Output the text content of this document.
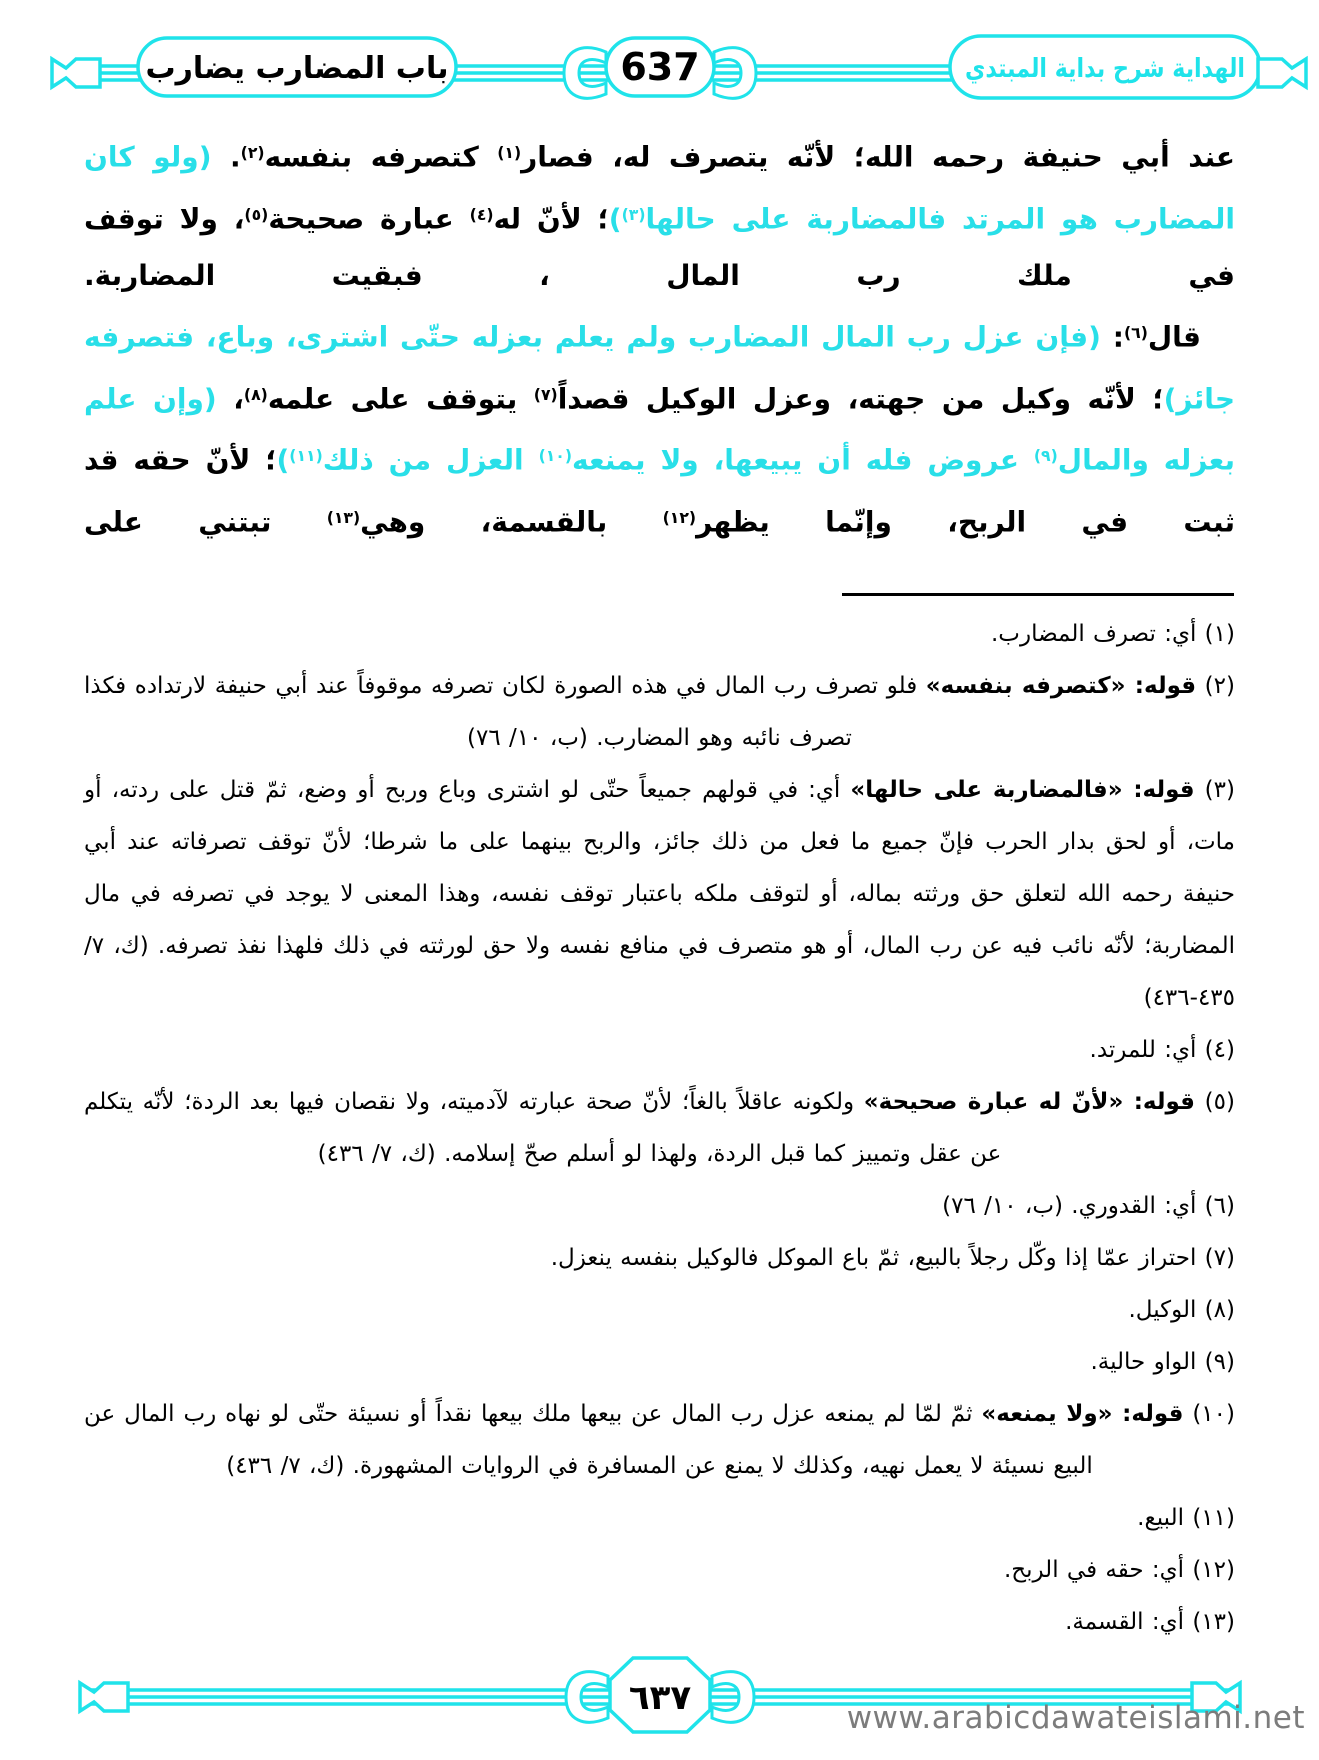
باب المضارب يضارب	637	الهداية شرح بداية المبتدي

عند أبي حنيفة رحمه الله؛ لأنّه يتصرف له، فصار$^{(١)}$ كتصرفه بنفسه$^{(٢)}$. (ولو كان المضارب هو المرتد فالمضاربة على حالها$^{(٣)}$)؛ لأنّ له$^{(٤)}$ عبارة صحيحة$^{(٥)}$، ولا توقف في ملك رب المال ، فبقيت المضاربة.

قال$^{(٦)}$: (فإن عزل رب المال المضارب ولم يعلم بعزله حتّى اشترى، وباع، فتصرفه جائز)؛ لأنّه وكيل من جهته، وعزل الوكيل قصداً$^{(٧)}$ يتوقف على علمه$^{(٨)}$، (وإن علم بعزله والمال$^{(٩)}$ عروض فله أن يبيعها، ولا يمنعه$^{(١٠)}$ العزل من ذلك$^{(١١)}$)؛ لأنّ حقه قد ثبت في الربح، وإنّما يظهر$^{(١٢)}$ بالقسمة، وهي$^{(١٣)}$ تبتني على

(١) أي: تصرف المضارب.

(٢) قوله: «كتصرفه بنفسه» فلو تصرف رب المال في هذه الصورة لكان تصرفه موقوفاً عند أبي حنيفة لارتداده فكذا تصرف نائبه وهو المضارب. (ب، ١٠/ ٧٦)

(٣) قوله: «فالمضاربة على حالها» أي: في قولهم جميعاً حتّى لو اشترى وباع وربح أو وضع، ثمّ قتل على ردته، أو مات، أو لحق بدار الحرب فإنّ جميع ما فعل من ذلك جائز، والربح بينهما على ما شرطا؛ لأنّ توقف تصرفاته عند أبي حنيفة رحمه الله لتعلق حق ورثته بماله، أو لتوقف ملكه باعتبار توقف نفسه، وهذا المعنى لا يوجد في تصرفه في مال المضاربة؛ لأنّه نائب فيه عن رب المال، أو هو متصرف في منافع نفسه ولا حق لورثته في ذلك فلهذا نفذ تصرفه. (ك، ٧/ ٤٣٥-٤٣٦)

(٤) أي: للمرتد.

(٥) قوله: «لأنّ له عبارة صحيحة» ولكونه عاقلاً بالغاً؛ لأنّ صحة عبارته لآدميته، ولا نقصان فيها بعد الردة؛ لأنّه يتكلم عن عقل وتمييز كما قبل الردة، ولهذا لو أسلم صحّ إسلامه. (ك، ٧/ ٤٣٦)

(٦) أي: القدوري. (ب، ١٠/ ٧٦)

(٧) احتراز عمّا إذا وكّل رجلاً بالبيع، ثمّ باع الموكل فالوكيل بنفسه ينعزل.

(٨) الوكيل.

(٩) الواو حالية.

(١٠) قوله: «ولا يمنعه» ثمّ لمّا لم يمنعه عزل رب المال عن بيعها ملك بيعها نقداً أو نسيئة حتّى لو نهاه رب المال عن البيع نسيئة لا يعمل نهيه، وكذلك لا يمنع عن المسافرة في الروايات المشهورة. (ك، ٧/ ٤٣٦)

(١١) البيع.

(١٢) أي: حقه في الربح.

(١٣) أي: القسمة.

٦٣٧	www.arabicdawateislami.net
